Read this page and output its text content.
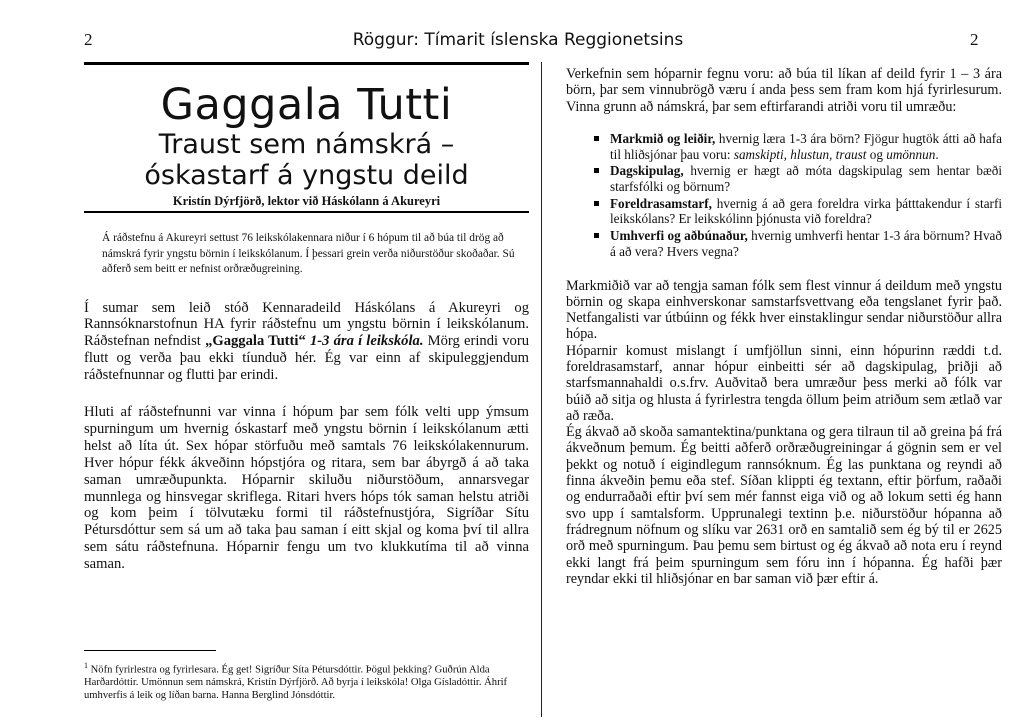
2	Röggur: Tímarit íslenska Reggionetsins	2
Gaggala Tutti
Traust sem námskrá –
óskastarf á yngstu deild
Kristín Dýrfjörð, lektor við Háskólann á Akureyri
Á ráðstefnu á Akureyri settust 76 leikskólakennara niður í 6 hópum til að búa til drög að námskrá fyrir yngstu börnin í leikskólanum. Í þessari grein verða niðurstöður skoðaðar. Sú aðferð sem beitt er nefnist orðræðugreining.

Í sumar sem leið stóð Kennaradeild Háskólans á Akureyri og Rannsóknarstofnun HA fyrir ráðstefnu um yngstu börnin í leikskólanum. Ráðstefnan nefndist „Gaggala Tutti“ 1-3 ára í leikskóla. Mörg erindi voru flutt og verða þau ekki tíunduð hér. Ég var einn af skipuleggjendum ráðstefnunnar og flutti þar erindi.

Hluti af ráðstefnunni var vinna í hópum þar sem fólk velti upp ýmsum spurningum um hvernig óskastarf með yngstu börnin í leikskólanum ætti helst að líta út. Sex hópar störfuðu með samtals 76 leikskólakennurum. Hver hópur fékk ákveðinn hópstjóra og ritara, sem bar ábyrgð á að taka saman umræðupunkta. Hóparnir skiluðu niðurstöðum, annarsvegar munnlega og hinsvegar skriflega. Ritari hvers hóps tók saman helstu atriði og kom þeim í tölvutæku formi til ráðstefnustjóra, Sigríðar Sítu Pétursdóttur sem sá um að taka þau saman í eitt skjal og koma því til allra sem sátu ráðstefnuna. Hóparnir fengu um tvo klukkutíma til að vinna saman.

$^1$ Nöfn fyrirlestra og fyrirlesara. Ég get! Sigríður Síta Pétursdóttir. Þögul þekking? Guðrún Alda Harðardóttir. Umönnun sem námskrá, Kristín Dýrfjörð. Að byrja í leikskóla! Olga Gísladóttir. Áhrif umhverfis á leik og líðan barna. Hanna Berglind Jónsdóttir.

Verkefnin sem hóparnir fegnu voru: að búa til líkan af deild fyrir 1 – 3 ára börn, þar sem vinnubrögð væru í anda þess sem fram kom hjá fyrirlesurum. Vinna grunn að námskrá, þar sem eftirfarandi atriði voru til umræðu:

Markmið og leiðir, hvernig læra 1-3 ára börn? Fjögur hugtök átti að hafa til hliðsjónar þau voru: samskipti, hlustun, traust og umönnun.
Dagskipulag, hvernig er hægt að móta dagskipulag sem hentar bæði starfsfólki og börnum?
Foreldrasamstarf, hvernig á að gera foreldra virka þátttakendur í starfi leikskólans? Er leikskólinn þjónusta við foreldra?
Umhverfi og aðbúnaður, hvernig umhverfi hentar 1-3 ára börnum? Hvað á að vera? Hvers vegna?

Markmiðið var að tengja saman fólk sem flest vinnur á deildum með yngstu börnin og skapa einhverskonar samstarfsvettvang eða tengslanet fyrir það. Netfangalisti var útbúinn og fékk hver einstaklingur sendar niðurstöður allra hópa.

Hóparnir komust mislangt í umfjöllun sinni, einn hópurinn ræddi t.d. foreldrasamstarf, annar hópur einbeitti sér að dagskipulag, þriðji að starfsmannahaldi o.s.frv. Auðvitað bera umræður þess merki að fólk var búið að sitja og hlusta á fyrirlestra tengda öllum þeim atriðum sem ætlað var að ræða.

Ég ákvað að skoða samantektina/punktana og gera tilraun til að greina þá frá ákveðnum þemum. Ég beitti aðferð orðræðugreiningar á gögnin sem er vel þekkt og notuð í eigindlegum rannsóknum. Ég las punktana og reyndi að finna ákveðin þemu eða stef. Síðan klippti ég textann, eftir þörfum, raðaði og endurraðaði eftir því sem mér fannst eiga við og að lokum setti ég hann svo upp í samtalsform. Upprunalegi textinn þ.e. niðurstöður hópanna að frádregnum nöfnum og slíku var 2631 orð en samtalið sem ég bý til er 2625 orð með spurningum. Þau þemu sem birtust og ég ákvað að nota eru í reynd ekki langt frá þeim spurningum sem fóru inn í hópanna. Ég hafði þær reyndar ekki til hliðsjónar en bar saman við þær eftir á.
